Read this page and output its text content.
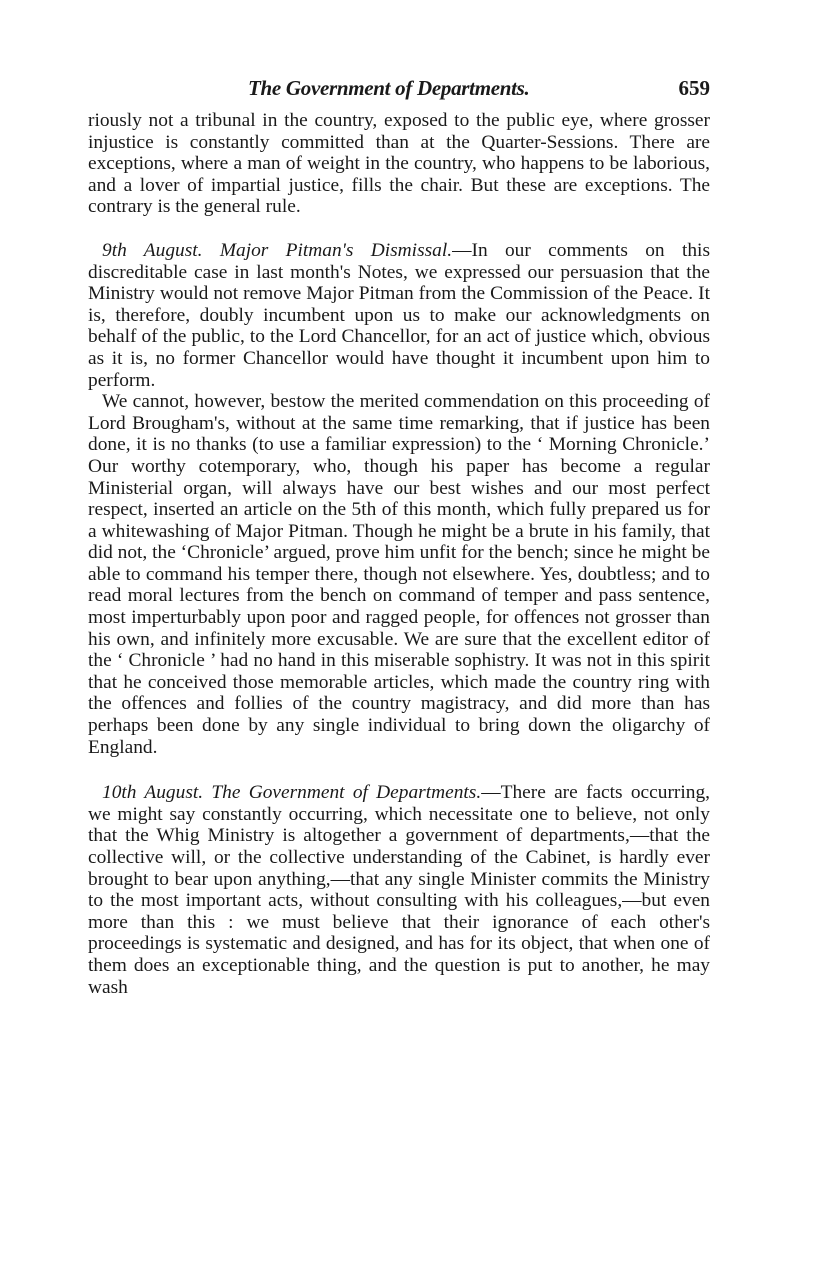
The Government of Departments.	659

riously not a tribunal in the country, exposed to the public eye, where grosser injustice is constantly committed than at the Quarter-Sessions. There are exceptions, where a man of weight in the country, who happens to be laborious, and a lover of impartial justice, fills the chair. But these are exceptions. The contrary is the general rule.

9th August. Major Pitman's Dismissal.—In our comments on this discreditable case in last month's Notes, we expressed our persuasion that the Ministry would not remove Major Pitman from the Commission of the Peace. It is, therefore, doubly incumbent upon us to make our acknowledgments on behalf of the public, to the Lord Chancellor, for an act of justice which, obvious as it is, no former Chancellor would have thought it incumbent upon him to perform.

We cannot, however, bestow the merited commendation on this proceeding of Lord Brougham's, without at the same time remarking, that if justice has been done, it is no thanks (to use a familiar expression) to the ‘ Morning Chronicle.’ Our worthy cotemporary, who, though his paper has become a regular Ministerial organ, will always have our best wishes and our most perfect respect, inserted an article on the 5th of this month, which fully prepared us for a whitewashing of Major Pitman. Though he might be a brute in his family, that did not, the ‘Chronicle’ argued, prove him unfit for the bench; since he might be able to command his temper there, though not elsewhere. Yes, doubtless; and to read moral lectures from the bench on command of temper and pass sentence, most imperturbably upon poor and ragged people, for offences not grosser than his own, and infinitely more excusable. We are sure that the excellent editor of the ‘ Chronicle ’ had no hand in this miserable sophistry. It was not in this spirit that he conceived those memorable articles, which made the country ring with the offences and follies of the country magistracy, and did more than has perhaps been done by any single individual to bring down the oligarchy of England.

10th August. The Government of Departments.—There are facts occurring, we might say constantly occurring, which necessitate one to believe, not only that the Whig Ministry is altogether a government of departments,—that the collective will, or the collective understanding of the Cabinet, is hardly ever brought to bear upon anything,—that any single Minister commits the Ministry to the most important acts, without consulting with his colleagues,—but even more than this : we must believe that their ignorance of each other's proceedings is systematic and designed, and has for its object, that when one of them does an exceptionable thing, and the question is put to another, he may wash
